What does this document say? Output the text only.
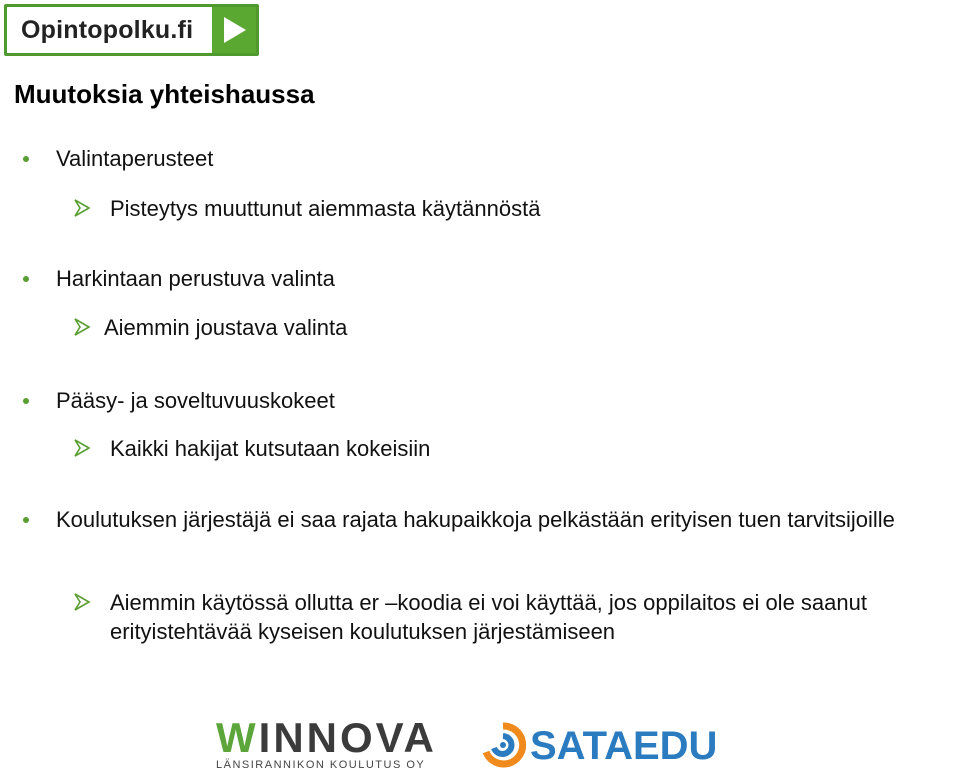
Opintopolku.fi
Muutoksia yhteishaussa
Valintaperusteet
Pisteytys muuttunut aiemmasta käytännöstä
Harkintaan perustuva valinta
Aiemmin joustava valinta
Pääsy- ja soveltuvuuskokeet
Kaikki hakijat kutsutaan kokeisiin
Koulutuksen järjestäjä ei saa rajata hakupaikkoja pelkästään erityisen tuen tarvitsijoille
Aiemmin käytössä ollutta er –koodia ei voi käyttää, jos oppilaitos ei ole saanut erityistehtävää kyseisen koulutuksen järjestämiseen
WINNOVA
LÄNSIRANNIKON KOULUTUS OY	SATAEDU
